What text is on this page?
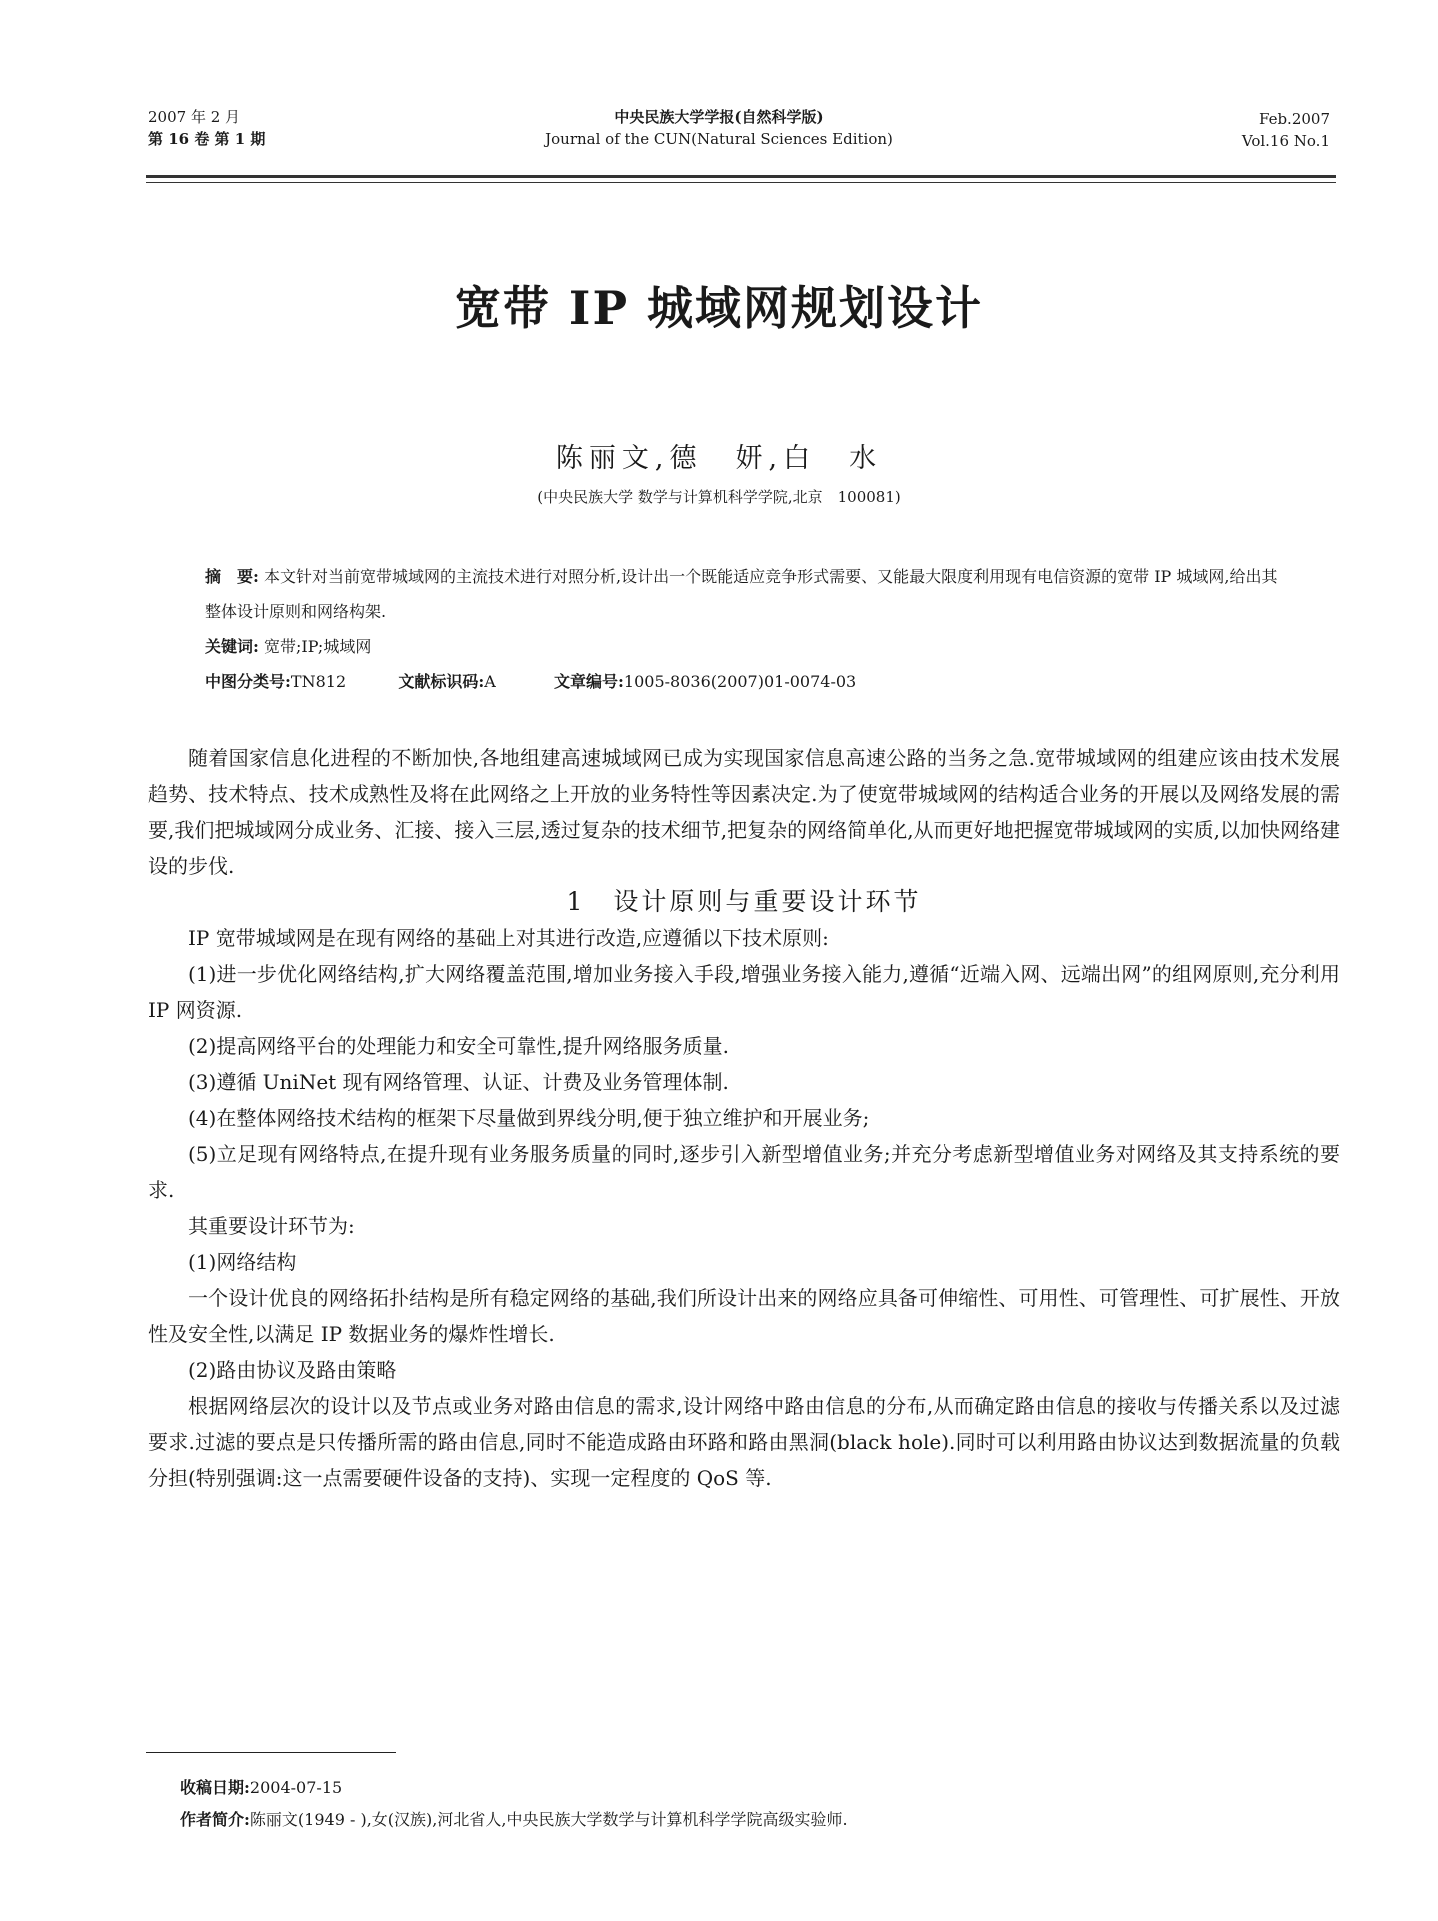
2007 年 2 月
第 16 卷 第 1 期
中央民族大学学报(自然科学版)
Journal of the CUN(Natural Sciences Edition)
Feb.2007
Vol.16 No.1
宽带 IP 城域网规划设计
陈丽文,德　妍,白　水
(中央民族大学 数学与计算机科学学院,北京　100081)

摘　要: 本文针对当前宽带城域网的主流技术进行对照分析,设计出一个既能适应竞争形式需要、又能最大限度利用现有电信资源的宽带 IP 城域网,给出其整体设计原则和网络构架.

关键词: 宽带;IP;城域网

中图分类号:TN812	文献标识码:A	文章编号:1005-8036(2007)01-0074-03

随着国家信息化进程的不断加快,各地组建高速城域网已成为实现国家信息高速公路的当务之急.宽带城域网的组建应该由技术发展趋势、技术特点、技术成熟性及将在此网络之上开放的业务特性等因素决定.为了使宽带城域网的结构适合业务的开展以及网络发展的需要,我们把城域网分成业务、汇接、接入三层,透过复杂的技术细节,把复杂的网络简单化,从而更好地把握宽带城域网的实质,以加快网络建设的步伐.

1　设计原则与重要设计环节

IP 宽带城域网是在现有网络的基础上对其进行改造,应遵循以下技术原则:

(1)进一步优化网络结构,扩大网络覆盖范围,增加业务接入手段,增强业务接入能力,遵循“近端入网、远端出网”的组网原则,充分利用 IP 网资源.

(2)提高网络平台的处理能力和安全可靠性,提升网络服务质量.

(3)遵循 UniNet 现有网络管理、认证、计费及业务管理体制.

(4)在整体网络技术结构的框架下尽量做到界线分明,便于独立维护和开展业务;

(5)立足现有网络特点,在提升现有业务服务质量的同时,逐步引入新型增值业务;并充分考虑新型增值业务对网络及其支持系统的要求.

其重要设计环节为:

(1)网络结构

一个设计优良的网络拓扑结构是所有稳定网络的基础,我们所设计出来的网络应具备可伸缩性、可用性、可管理性、可扩展性、开放性及安全性,以满足 IP 数据业务的爆炸性增长.

(2)路由协议及路由策略

根据网络层次的设计以及节点或业务对路由信息的需求,设计网络中路由信息的分布,从而确定路由信息的接收与传播关系以及过滤要求.过滤的要点是只传播所需的路由信息,同时不能造成路由环路和路由黑洞(black hole).同时可以利用路由协议达到数据流量的负载分担(特别强调:这一点需要硬件设备的支持)、实现一定程度的 QoS 等.

收稿日期:2004-07-15

作者简介:陈丽文(1949 - ),女(汉族),河北省人,中央民族大学数学与计算机科学学院高级实验师.
